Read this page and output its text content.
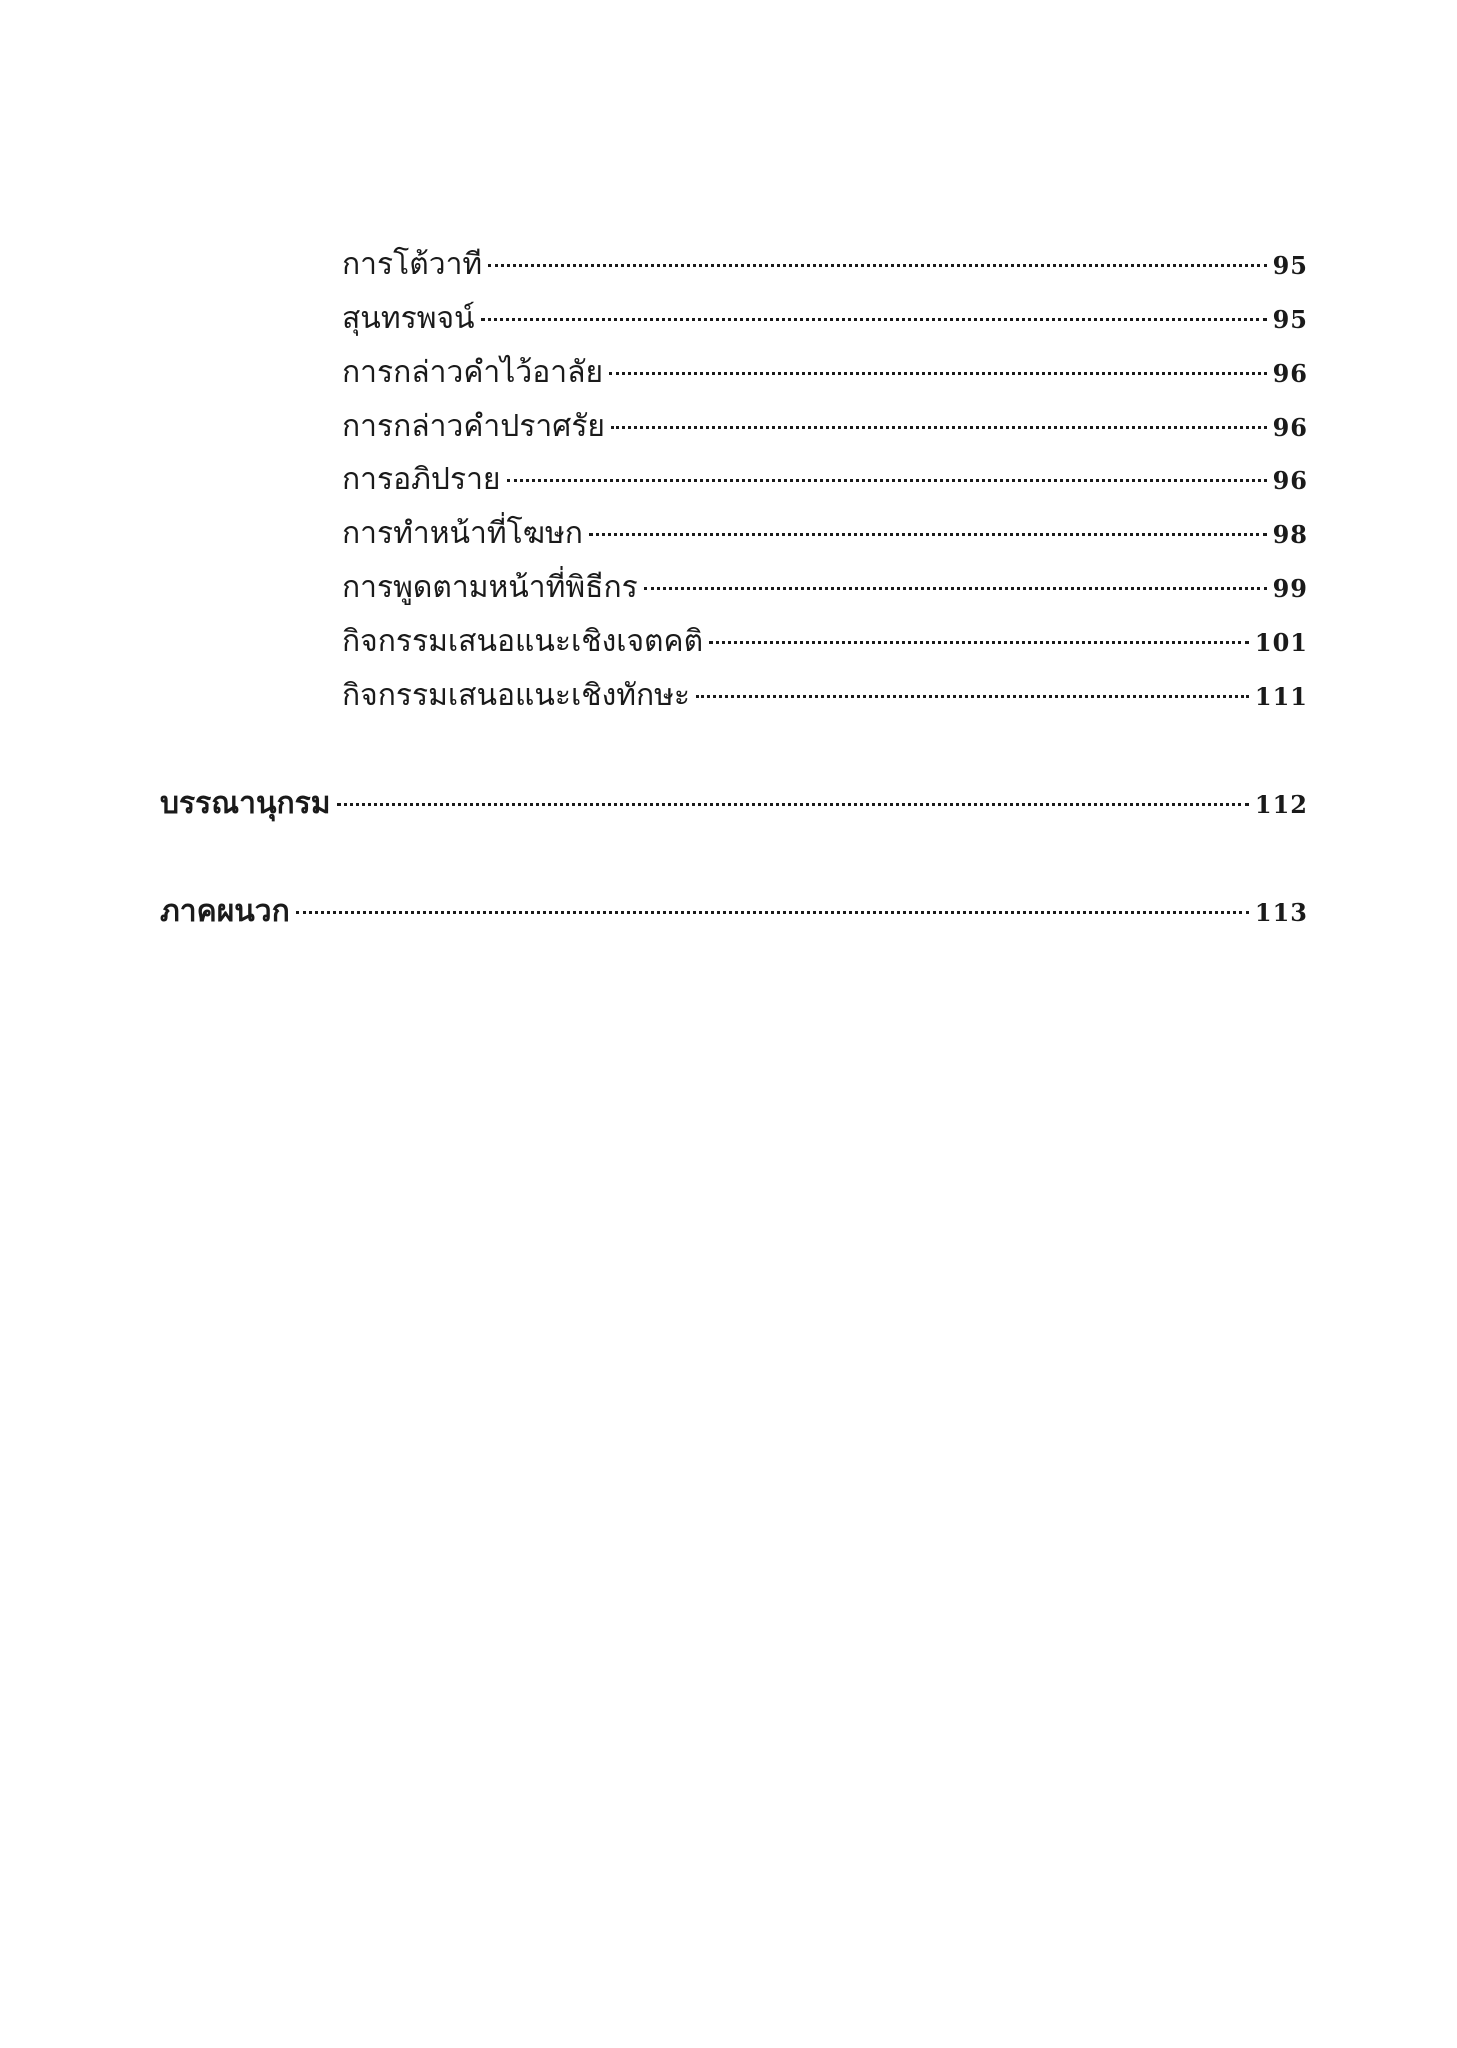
การโต้วาที	95
สุนทรพจน์	95
การกล่าวคำไว้อาลัย	96
การกล่าวคำปราศรัย	96
การอภิปราย	96
การทำหน้าที่โฆษก	98
การพูดตามหน้าที่พิธีกร	99
กิจกรรมเสนอแนะเชิงเจตคติ	101
กิจกรรมเสนอแนะเชิงทักษะ	111
บรรณานุกรม	112
ภาคผนวก	113
